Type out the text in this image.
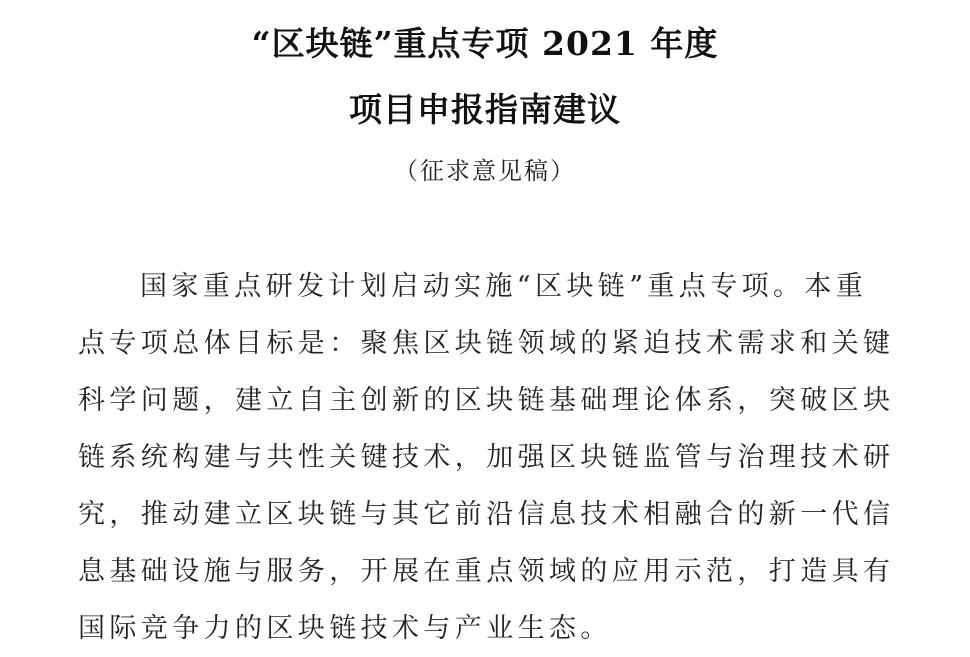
“区块链”重点专项 2021 年度
项目申报指南建议
（征求意见稿）
国家重点研发计划启动实施“区块链”重点专项。本重
点专项总体目标是：聚焦区块链领域的紧迫技术需求和关键
科学问题，建立自主创新的区块链基础理论体系，突破区块
链系统构建与共性关键技术，加强区块链监管与治理技术研
究，推动建立区块链与其它前沿信息技术相融合的新一代信
息基础设施与服务，开展在重点领域的应用示范，打造具有
国际竞争力的区块链技术与产业生态。
